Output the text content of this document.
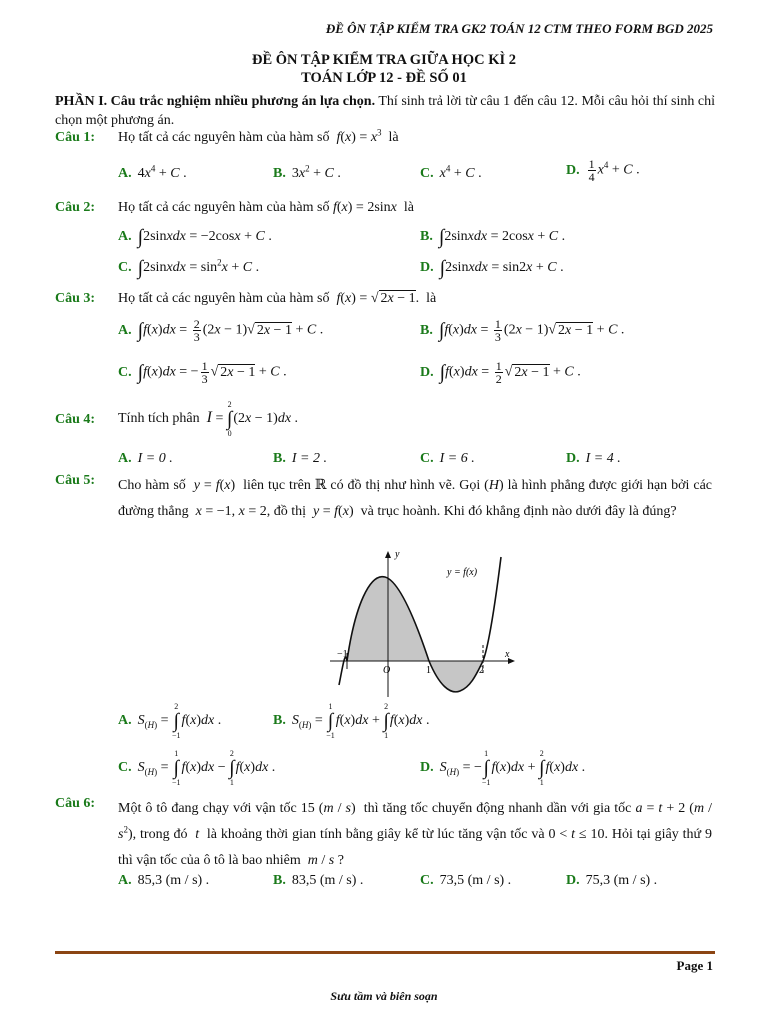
ĐỀ ÔN TẬP KIỂM TRA GK2 TOÁN 12 CTM THEO FORM BGD 2025
ĐỀ ÔN TẬP KIỂM TRA GIỮA HỌC KÌ 2
TOÁN LỚP 12 - ĐỀ SỐ 01
PHẦN I. Câu trắc nghiệm nhiều phương án lựa chọn. Thí sinh trả lời từ câu 1 đến câu 12. Mỗi câu hỏi thí sinh chỉ chọn một phương án.
Câu 1: Họ tất cả các nguyên hàm của hàm số $f(x) = x^3$ là
A. $4x^4 + C$ .	B. $3x^2 + C$ .	C. $x^4 + C$ .	D. $\frac{1}{4} x^4 + C$ .
Câu 2: Họ tất cả các nguyên hàm của hàm số f(x) = 2sinx là
A. ∫2sinxdx = −2cosx + C .	B. ∫2sinxdx = 2cosx + C .
C. ∫2sinxdx = $\sin^2x + C$ .	D. ∫2sinxdx = sin2x + C .
Câu 3: Họ tất cả các nguyên hàm của hàm số f(x) = √ 2x − 1.  là
A. $\int f(x)dx = \frac{2}{3} (2x - 1)√$ 2x − 1 + C .	B. $\int f(x)dx = \frac{1}{3} (2x - 1)√$ 2x − 1 + C .
C. ∫f(x)dx = − $\frac{1}{3}$ √ 2x − 1 + C .	D. $\int f(x)dx = \frac{1}{2}$ √ 2x − 1 + C .
Câu 4: Tính tích phân I =
2
∫
0
(2x − 1)dx .
A. I = 0 .	B. I = 2 .	C. I = 6 .	D. I = 4 .
Câu 5: Cho hàm số y = f(x)  liên tục trên ℝ có đồ thị như hình vẽ. Gọi (H) là hình phẳng được giới hạn bởi các đường thẳng x = −1, x = 2, đồ thị y = f(x)  và trục hoành. Khi đó khẳng định nào dưới đây là đúng?
y
x
y = f(x)
O
−1
1	2
A. $S_{(H)}$ =
2
∫
−1
f(x)dx .	B. $S_{(H)}$ =
1
∫
−1
f(x)dx +
2
∫
1
f(x)dx .
C. $S_{(H)}$ =
1
∫
−1
f(x)dx −
2
∫
1
f(x)dx .	D. $S_{(H)}$ = −
1
∫
−1
f(x)dx +
2
∫
1
f(x)dx .
Câu 6: Một ô tô đang chạy với vận tốc 15 (m / s)  thì tăng tốc chuyển động nhanh dần với gia tốc a = t + 2 $(m / s^2)$, trong đó t là khoảng thời gian tính bằng giây kể từ lúc tăng vận tốc và 0 < t ≤ 10. Hỏi tại giây thứ 9 thì vận tốc của ô tô là bao nhiêm m / s ?
A. 85,3 (m / s) .	B. 83,5 (m / s) .	C. 73,5 (m / s) .	D. 75,3 (m / s) .
Page 1
Sưu tầm và biên soạn
